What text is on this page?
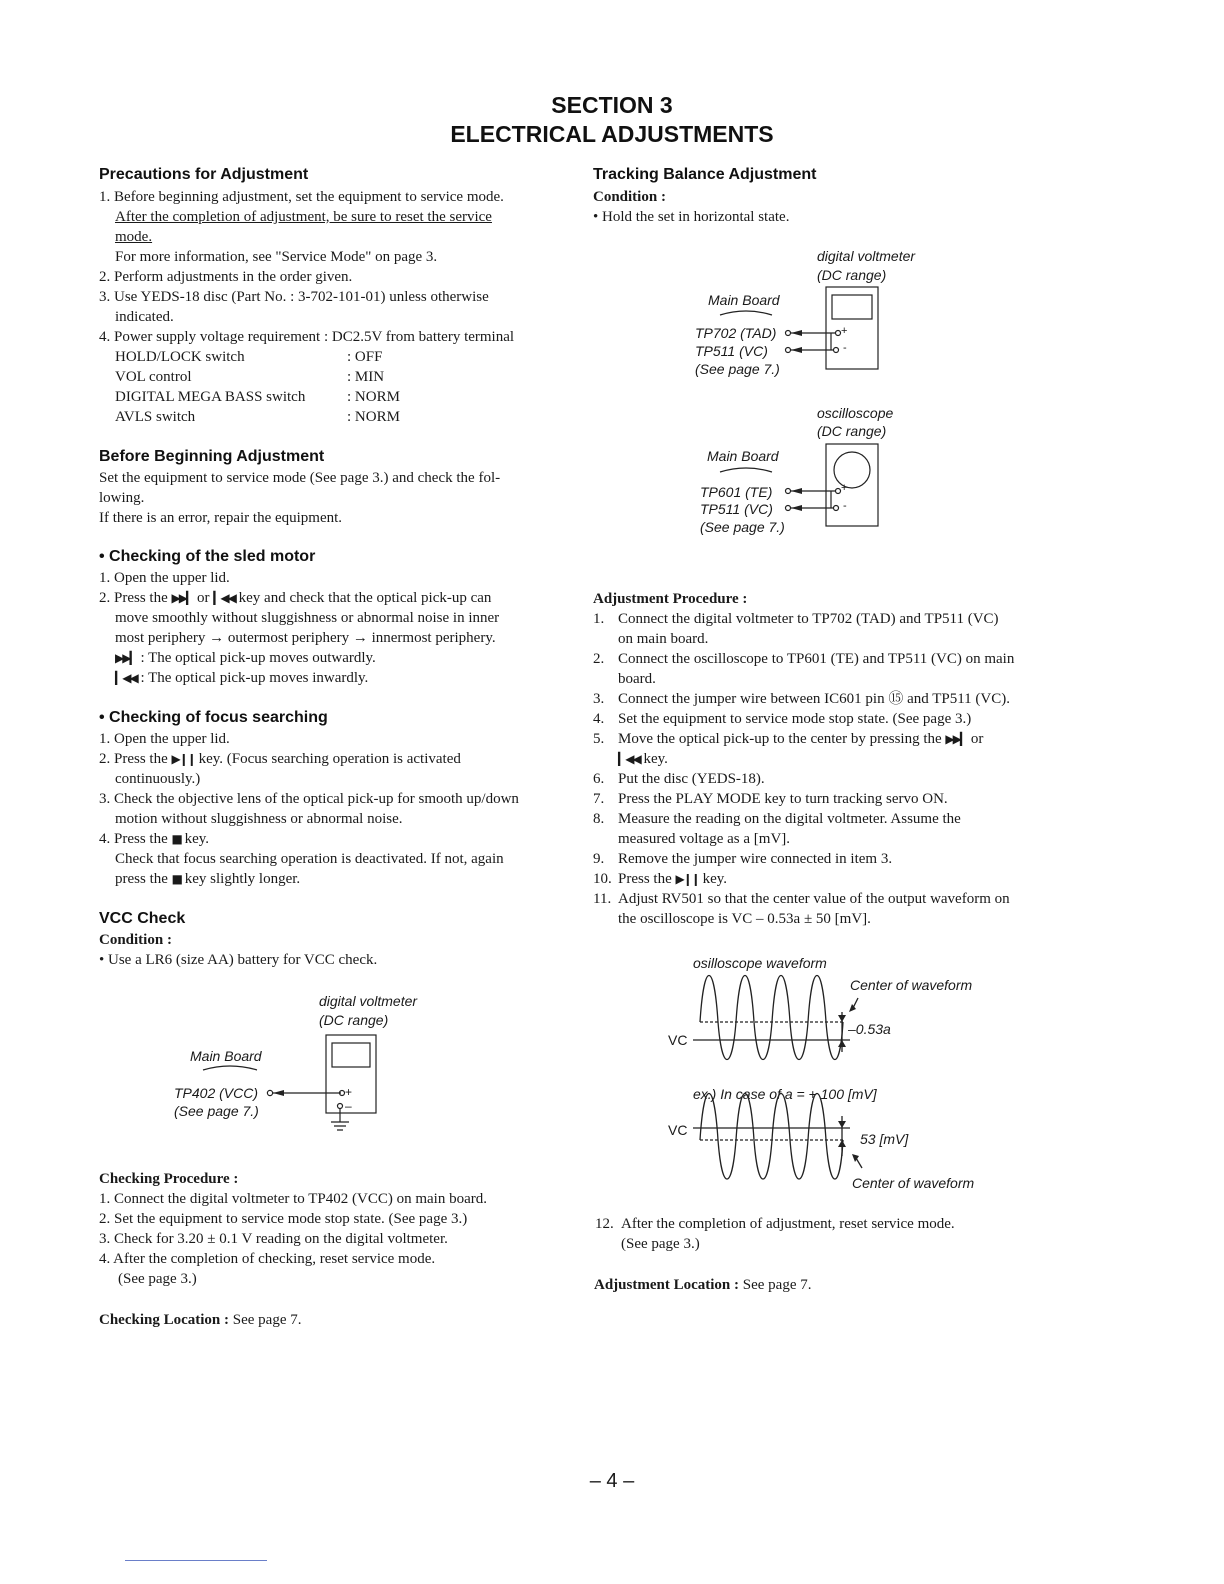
SECTION 3
ELECTRICAL ADJUSTMENTS
Precautions for Adjustment
1. Before beginning adjustment, set the equipment to service mode.
After the completion of adjustment, be sure to reset the service
mode.
For more information, see "Service Mode" on page 3.
2. Perform adjustments in the order given.
3. Use YEDS-18 disc (Part No. : 3-702-101-01) unless otherwise
indicated.
4. Power supply voltage requirement : DC2.5V from battery terminal
HOLD/LOCK switch	: OFF
VOL control	: MIN
DIGITAL MEGA BASS switch	: NORM
AVLS switch	: NORM
Before Beginning Adjustment
Set the equipment to service mode (See page 3.) and check the fol-
lowing.
If there is an error, repair the equipment.
• Checking of the sled motor
1. Open the upper lid.
2. Press the ▶▶▎ or ▎◀◀ key and check that the optical pick-up can
move smoothly without sluggishness or abnormal noise in inner
most periphery → outermost periphery → innermost periphery.
▶▶▎ : The optical pick-up moves outwardly.
▎◀◀ : The optical pick-up moves inwardly.
• Checking of focus searching
1. Open the upper lid.
2. Press the ▶❙❙ key. (Focus searching operation is activated
continuously.)
3. Check the objective lens of the optical pick-up for smooth up/down
motion without sluggishness or abnormal noise.
4. Press the ■ key.
Check that focus searching operation is deactivated. If not, again
press the ■ key slightly longer.
VCC Check
Condition :
• Use a LR6 (size AA) battery for VCC check.
digital voltmeter
(DC range)
Main Board
TP402 (VCC)
(See page 7.)
+
–
Checking Procedure :
1. Connect the digital voltmeter to TP402 (VCC) on main board.
2. Set the equipment to service mode stop state. (See page 3.)
3. Check for 3.20 ± 0.1 V reading on the digital voltmeter.
4. After the completion of checking, reset service mode.
(See page 3.)
Checking Location : See page 7.
Tracking Balance Adjustment
Condition :
• Hold the set in horizontal state.
digital voltmeter
(DC range)
Main Board
TP702 (TAD)
TP511 (VC)
(See page 7.)
+
-
oscilloscope
(DC range)
Main Board
TP601 (TE)
TP511 (VC)
(See page 7.)
+
-
Adjustment Procedure :
1. Connect the digital voltmeter to TP702 (TAD) and TP511 (VC)
on main board.
2. Connect the oscilloscope to TP601 (TE) and TP511 (VC) on main
board.
3. Connect the jumper wire between IC601 pin ⑮ and TP511 (VC).
4. Set the equipment to service mode stop state. (See page 3.)
5. Move the optical pick-up to the center by pressing the ▶▶▎ or
▎◀◀ key.
6. Put the disc (YEDS-18).
7. Press the PLAY MODE key to turn tracking servo ON.
8. Measure the reading on the digital voltmeter. Assume the
measured voltage as a [mV].
9. Remove the jumper wire connected in item 3.
10. Press the ▶❙❙ key.
11. Adjust RV501 so that the center value of the output waveform on
the oscilloscope is VC – 0.53a ± 50 [mV].
osilloscope waveform
Center of waveform
VC
–0.53a
ex.) In case of a = + 100 [mV]
VC
53 [mV]
Center of waveform
12. After the completion of adjustment, reset service mode.
(See page 3.)
Adjustment Location : See page 7.
– 4 –
